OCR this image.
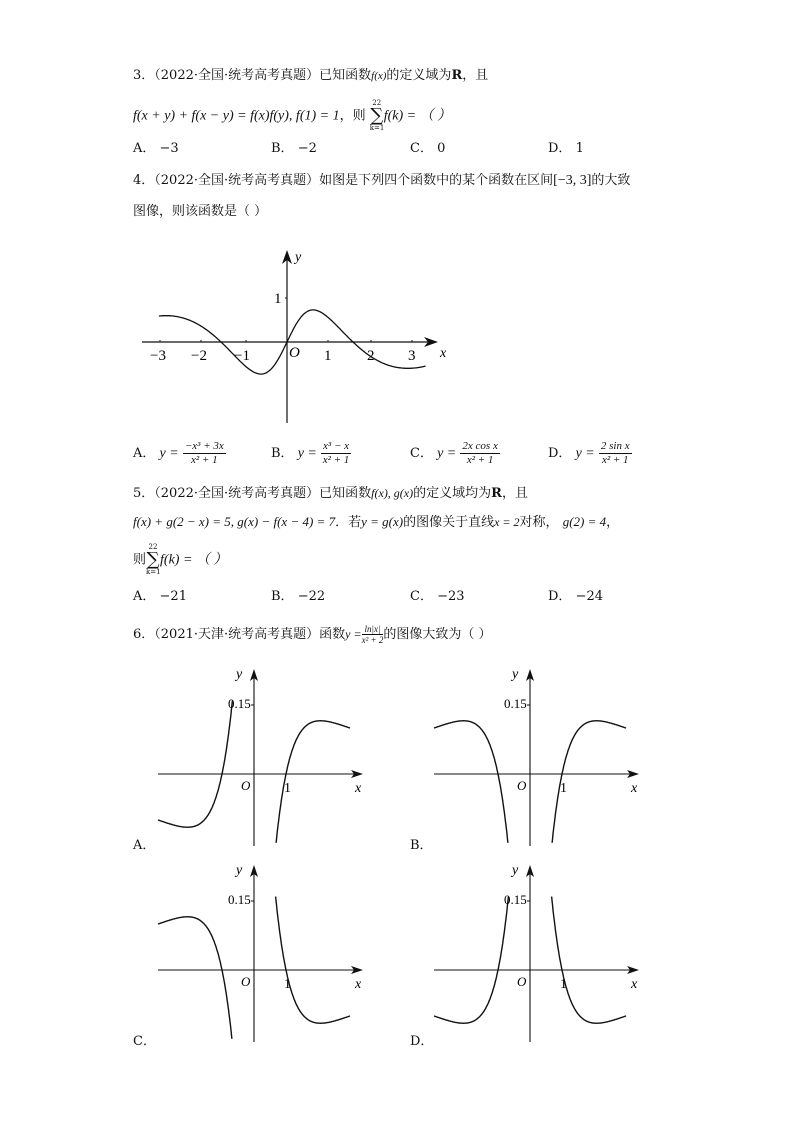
3．（2022·全国·统考高考真题）已知函数f(x)的定义域为R，且
f(x + y) + f(x − y) = f(x)f(y), f(1) = 1，则
22
∑
k=1
f(k) = （ ）
A． −3	B． −2	C． 0	D． 1
4．（2022·全国·统考高考真题）如图是下列四个函数中的某个函数在区间[−3, 3]的大致
图像，则该函数是（ ）
−3 −2 −1	1 2 3
1
O	x
y
A． $y = \frac{\text{−x³ + 3x}}{\text{x² + 1}}$	B． $y = \frac{\text{x³ − x}}{\text{x² + 1}}$	C． $y = \frac{\text{2x cos x}}{\text{x² + 1}}$	D． $y = \frac{\text{2 sin x}}{\text{x² + 1}}$
5．（2022·全国·统考高考真题）已知函数f(x), g(x)的定义域均为R，且
f(x) + g(2 − x) = 5, g(x) − f(x − 4) = 7．若y = g(x)的图像关于直线x = 2对称， g(2) = 4，
则
22
∑
k=1
f(k) = （ ）
A． −21	B． −22	C． −23	D． −24
6．（2021·天津·统考高考真题）函数$y = \frac{\ln|x|}{\text{x² + 2}}$ 的图像大致为（ ）
0.15
1
O	x
y
0.15
1
O	x
y
0.15
1
O	x
y
0.15
1
O	x
y
A．	B．
C．	D．
